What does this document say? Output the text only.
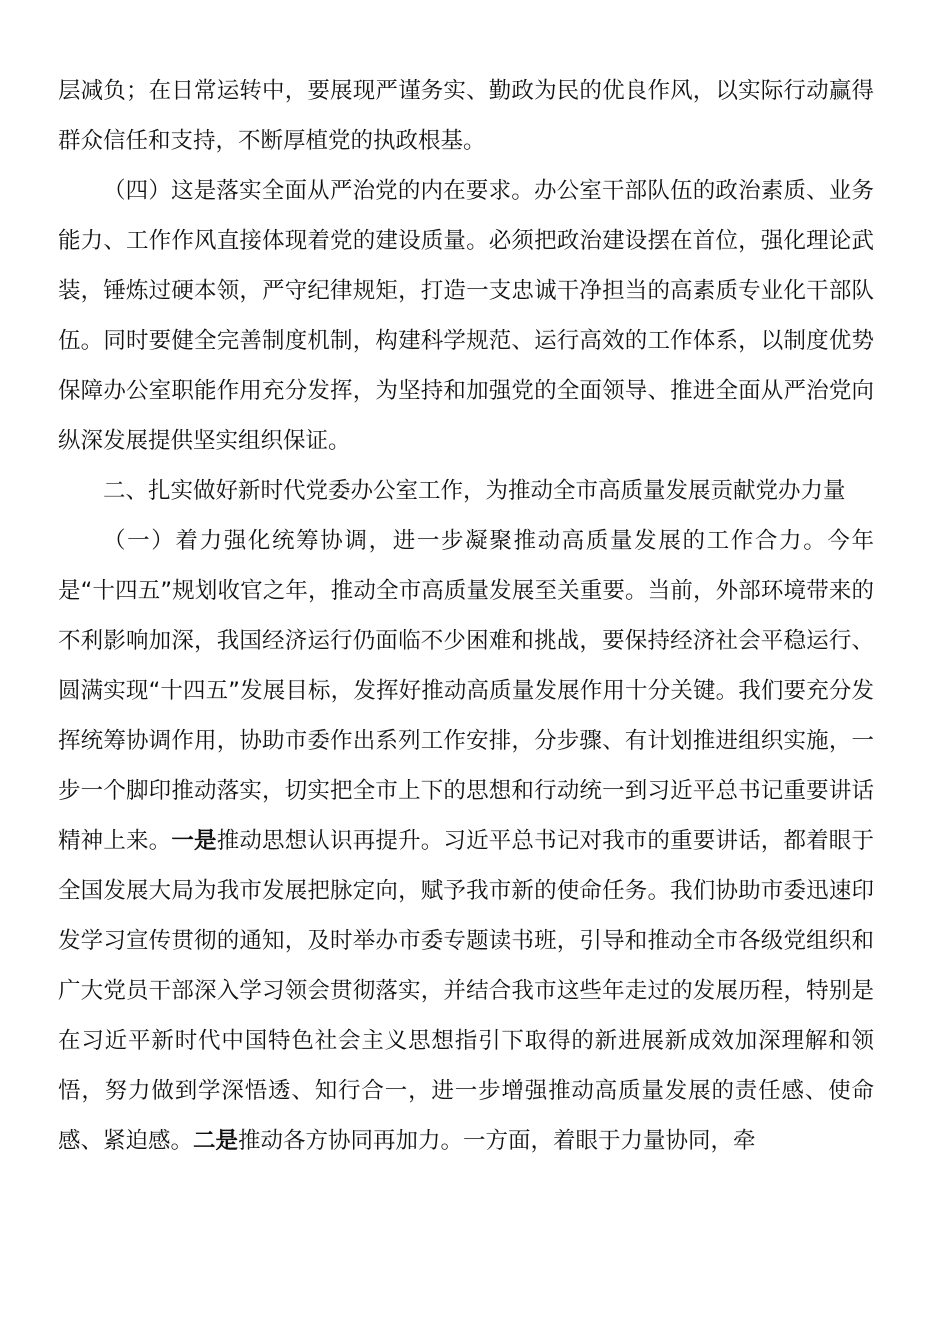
层减负；在日常运转中，要展现严谨务实、勤政为民的优良作风，以实际行动赢得群众信任和支持，不断厚植党的执政根基。

（四）这是落实全面从严治党的内在要求。办公室干部队伍的政治素质、业务能力、工作作风直接体现着党的建设质量。必须把政治建设摆在首位，强化理论武装，锤炼过硬本领，严守纪律规矩，打造一支忠诚干净担当的高素质专业化干部队伍。同时要健全完善制度机制，构建科学规范、运行高效的工作体系，以制度优势保障办公室职能作用充分发挥，为坚持和加强党的全面领导、推进全面从严治党向纵深发展提供坚实组织保证。

二、扎实做好新时代党委办公室工作，为推动全市高质量发展贡献党办力量

（一）着力强化统筹协调，进一步凝聚推动高质量发展的工作合力。今年是“十四五”规划收官之年，推动全市高质量发展至关重要。当前，外部环境带来的不利影响加深，我国经济运行仍面临不少困难和挑战，要保持经济社会平稳运行、圆满实现“十四五”发展目标，发挥好推动高质量发展作用十分关键。我们要充分发挥统筹协调作用，协助市委作出系列工作安排，分步骤、有计划推进组织实施，一步一个脚印推动落实，切实把全市上下的思想和行动统一到习近平总书记重要讲话精神上来。一是推动思想认识再提升。习近平总书记对我市的重要讲话，都着眼于全国发展大局为我市发展把脉定向，赋予我市新的使命任务。我们协助市委迅速印发学习宣传贯彻的通知，及时举办市委专题读书班，引导和推动全市各级党组织和广大党员干部深入学习领会贯彻落实，并结合我市这些年走过的发展历程，特别是在习近平新时代中国特色社会主义思想指引下取得的新进展新成效加深理解和领悟，努力做到学深悟透、知行合一，进一步增强推动高质量发展的责任感、使命感、紧迫感。二是推动各方协同再加力。一方面，着眼于力量协同，牵
